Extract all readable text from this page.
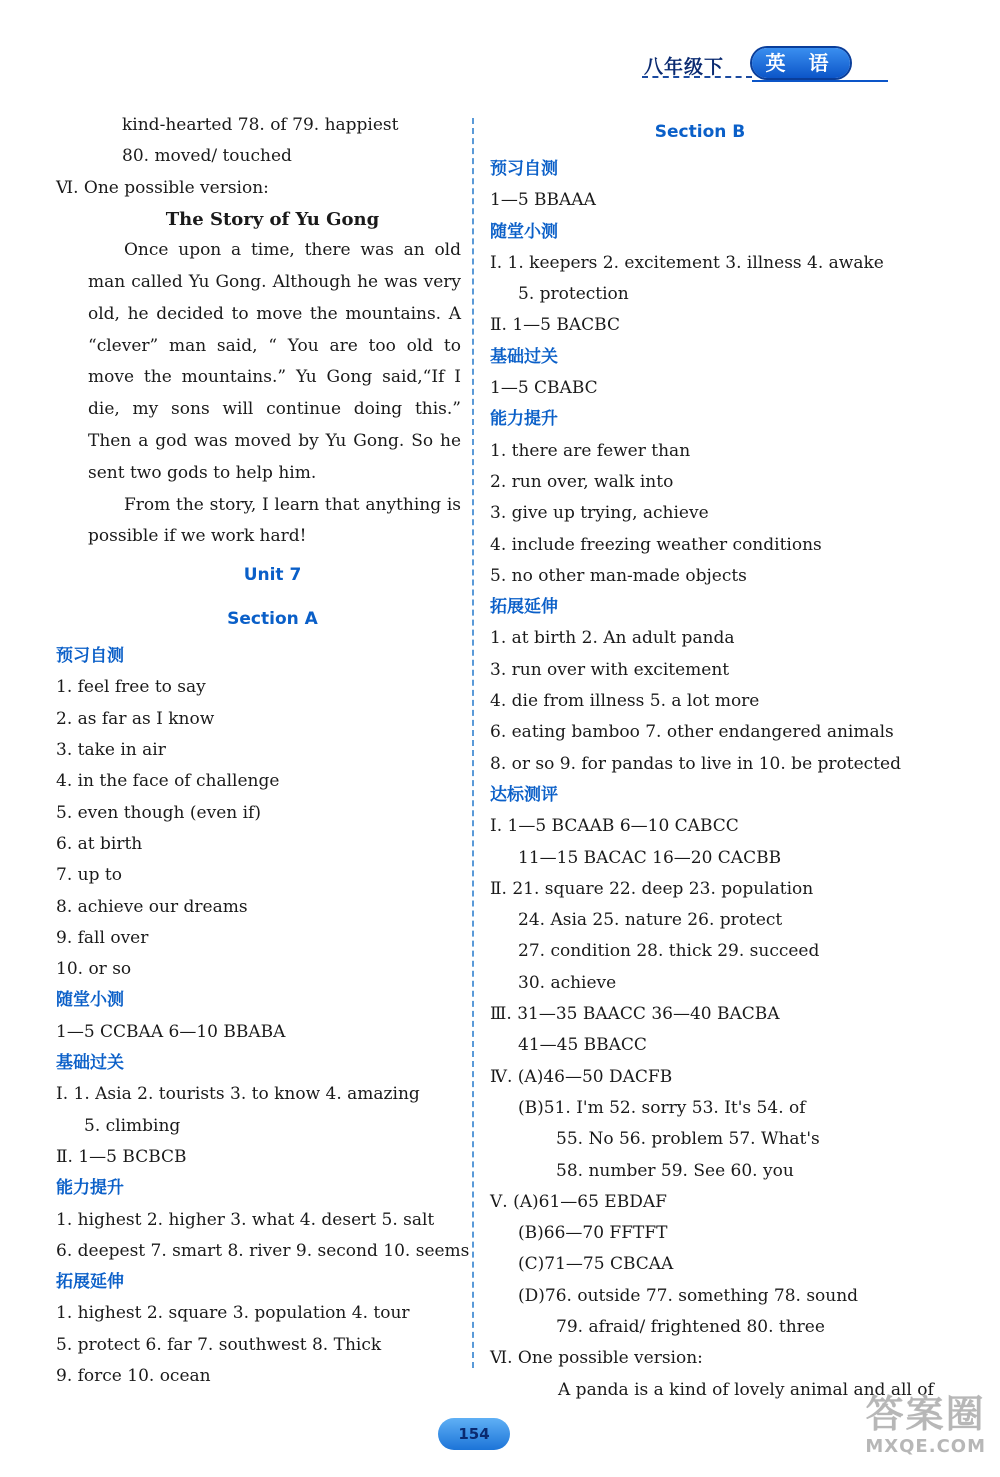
八年级下	英 语
kind-hearted 78. of 79. happiest
80. moved/ touched
Ⅵ. One possible version:
The Story of Yu Gong

Once upon a time, there was an old man called Yu Gong. Although he was very old, he decided to move the mountains. A “clever” man said, “ You are too old to move the mountains.” Yu Gong said,“If I die, my sons will continue doing this.” Then a god was moved by Yu Gong. So he sent two gods to help him.

From the story, I learn that anything is possible if we work hard!

Unit 7
Section A
预习自测
1. feel free to say
2. as far as I know
3. take in air
4. in the face of challenge
5. even though (even if)
6. at birth
7. up to
8. achieve our dreams
9. fall over
10. or so
随堂小测
1—5 CCBAA 6—10 BBABA
基础过关
Ⅰ. 1. Asia 2. tourists 3. to know 4. amazing
5. climbing
Ⅱ. 1—5 BCBCB
能力提升
1. highest 2. higher 3. what 4. desert 5. salt
6. deepest 7. smart 8. river 9. second 10. seems
拓展延伸
1. highest 2. square 3. population 4. tour
5. protect 6. far 7. southwest 8. Thick
9. force 10. ocean
Section B
预习自测
1—5 BBAAA
随堂小测
Ⅰ. 1. keepers 2. excitement 3. illness 4. awake
5. protection
Ⅱ. 1—5 BACBC
基础过关
1—5 CBABC
能力提升
1. there are fewer than
2. run over, walk into
3. give up trying, achieve
4. include freezing weather conditions
5. no other man-made objects
拓展延伸
1. at birth 2. An adult panda
3. run over with excitement
4. die from illness 5. a lot more
6. eating bamboo 7. other endangered animals
8. or so 9. for pandas to live in 10. be protected
达标测评
Ⅰ. 1—5 BCAAB 6—10 CABCC
11—15 BACAC 16—20 CACBB
Ⅱ. 21. square 22. deep 23. population
24. Asia 25. nature 26. protect
27. condition 28. thick 29. succeed
30. achieve
Ⅲ. 31—35 BAACC 36—40 BACBA
41—45 BBACC
Ⅳ. (A)46—50 DACFB
(B)51. I'm 52. sorry 53. It's 54. of
55. No 56. problem 57. What's
58. number 59. See 60. you
Ⅴ. (A)61—65 EBDAF
(B)66—70 FFTFT
(C)71—75 CBCAA
(D)76. outside 77. something 78. sound
79. afraid/ frightened 80. three
Ⅵ. One possible version:
A panda is a kind of lovely animal and all of
154	答案圈
MXQE.COM
